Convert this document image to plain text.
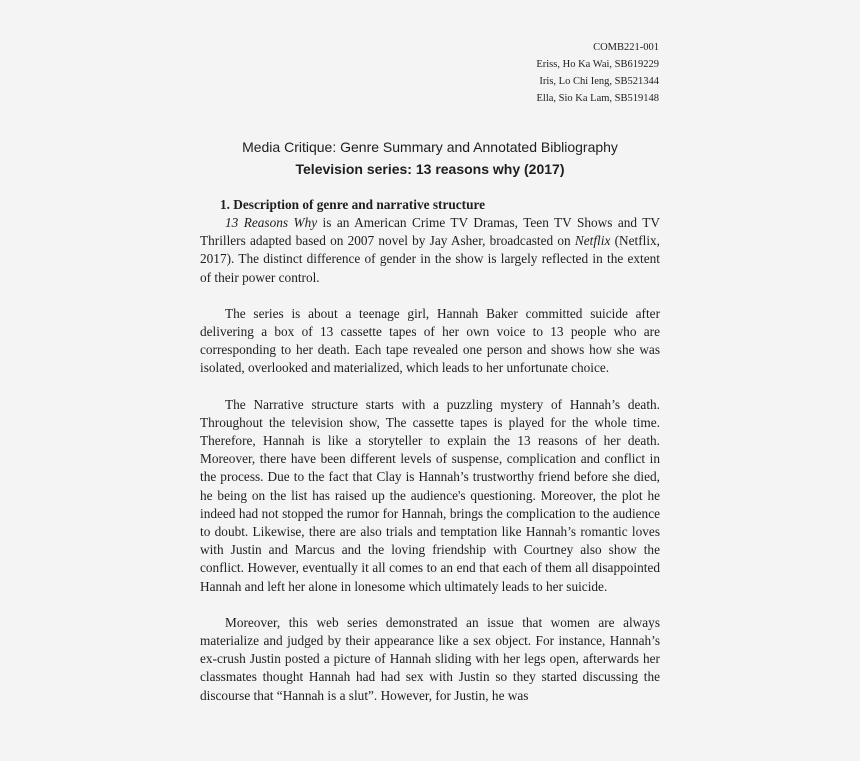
COMB221-001
Eriss, Ho Ka Wai, SB619229
Iris, Lo Chi Ieng, SB521344
Ella, Sio Ka Lam, SB519148
Media Critique: Genre Summary and Annotated Bibliography
Television series: 13 reasons why (2017)

1. Description of genre and narrative structure

13 Reasons Why is an American Crime TV Dramas, Teen TV Shows and TV Thrillers adapted based on 2007 novel by Jay Asher, broadcasted on Netflix (Netflix, 2017). The distinct difference of gender in the show is largely reflected in the extent of their power control.

The series is about a teenage girl, Hannah Baker committed suicide after delivering a box of 13 cassette tapes of her own voice to 13 people who are corresponding to her death. Each tape revealed one person and shows how she was isolated, overlooked and materialized, which leads to her unfortunate choice.

The Narrative structure starts with a puzzling mystery of Hannah’s death. Throughout the television show, The cassette tapes is played for the whole time. Therefore, Hannah is like a storyteller to explain the 13 reasons of her death. Moreover, there have been different levels of suspense, complication and conflict in the process. Due to the fact that Clay is Hannah’s trustworthy friend before she died, he being on the list has raised up the audience's questioning. Moreover, the plot he indeed had not stopped the rumor for Hannah, brings the complication to the audience to doubt. Likewise, there are also trials and temptation like Hannah’s romantic loves with Justin and Marcus and the loving friendship with Courtney also show the conflict. However, eventually it all comes to an end that each of them all disappointed Hannah and left her alone in lonesome which ultimately leads to her suicide.

Moreover, this web series demonstrated an issue that women are always materialize and judged by their appearance like a sex object. For instance, Hannah’s ex-crush Justin posted a picture of Hannah sliding with her legs open, afterwards her classmates thought Hannah had had sex with Justin so they started discussing the discourse that “Hannah is a slut”. However, for Justin, he was
